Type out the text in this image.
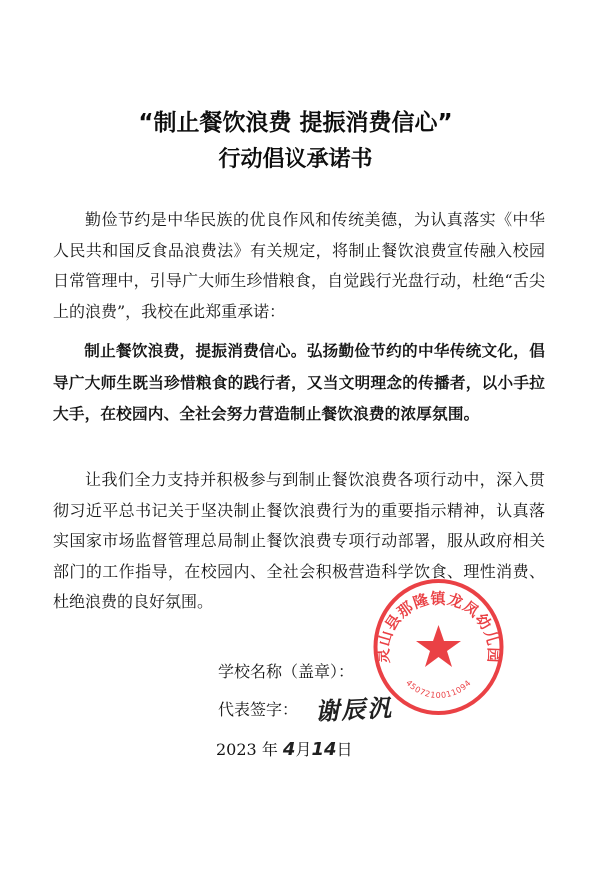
“制止餐饮浪费 提振消费信心”
行动倡议承诺书
勤俭节约是中华民族的优良作风和传统美德，为认真落实《中华人民共和国反食品浪费法》有关规定，将制止餐饮浪费宣传融入校园日常管理中，引导广大师生珍惜粮食，自觉践行光盘行动，杜绝“舌尖上的浪费”，我校在此郑重承诺：
制止餐饮浪费，提振消费信心。弘扬勤俭节约的中华传统文化，倡导广大师生既当珍惜粮食的践行者，又当文明理念的传播者，以小手拉大手，在校园内、全社会努力营造制止餐饮浪费的浓厚氛围。
让我们全力支持并积极参与到制止餐饮浪费各项行动中，深入贯彻习近平总书记关于坚决制止餐饮浪费行为的重要指示精神，认真落实国家市场监督管理总局制止餐饮浪费专项行动部署，服从政府相关部门的工作指导，在校园内、全社会积极营造科学饮食、理性消费、杜绝浪费的良好氛围。
学校名称（盖章）：
代表签字： 谢辰汎
2023 年 4月14日
灵山县那隆镇龙凤幼儿园
45072100110​94
